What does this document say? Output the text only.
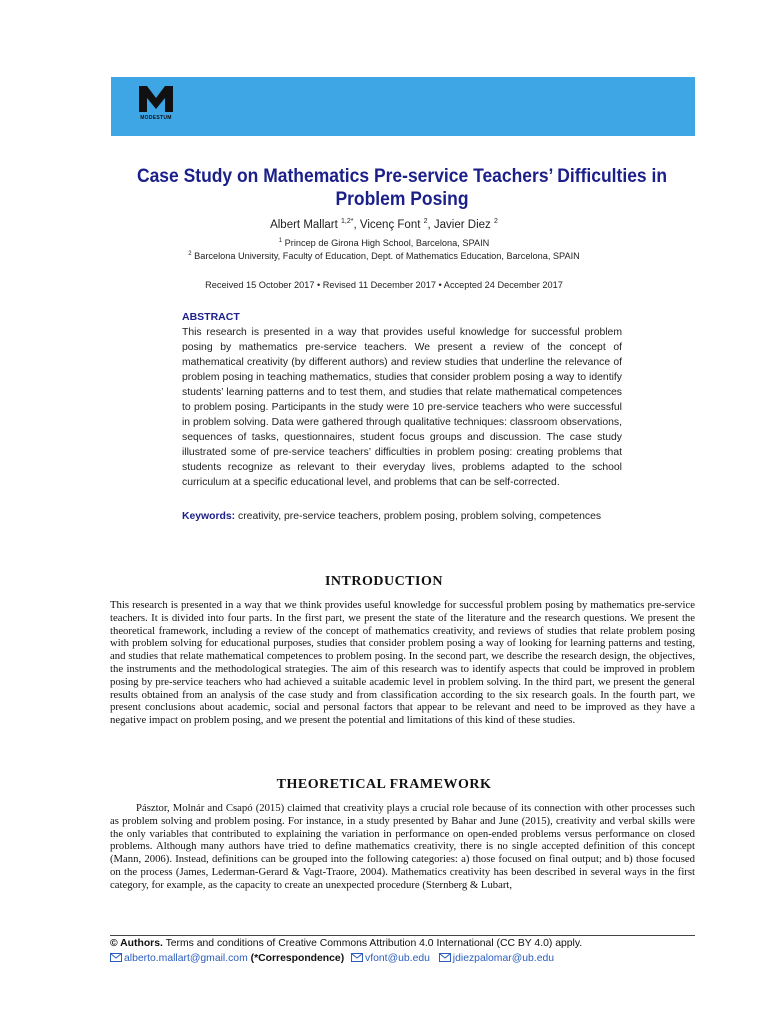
MODESTUM
Case Study on Mathematics Pre-service Teachers’ Difficulties in Problem Posing
Albert Mallart $^{1,2*}$, Vicenç Font $^2$, Javier Diez $^2$
$^1$ Princep de Girona High School, Barcelona, SPAIN
$^2$ Barcelona University, Faculty of Education, Dept. of Mathematics Education, Barcelona, SPAIN
Received 15 October 2017 • Revised 11 December 2017 • Accepted 24 December 2017
ABSTRACT

This research is presented in a way that provides useful knowledge for successful problem posing by mathematics pre-service teachers. We present a review of the concept of mathematical creativity (by different authors) and review studies that underline the relevance of problem posing in teaching mathematics, studies that consider problem posing a way to identify students’ learning patterns and to test them, and studies that relate mathematical competences to problem posing. Participants in the study were 10 pre-service teachers who were successful in problem solving. Data were gathered through qualitative techniques: classroom observations, sequences of tasks, questionnaires, student focus groups and discussion. The case study illustrated some of pre-service teachers’ difficulties in problem posing: creating problems that students recognize as relevant to their everyday lives, problems adapted to the school curriculum at a specific educational level, and problems that can be self-corrected.

Keywords: creativity, pre-service teachers, problem posing, problem solving, competences
INTRODUCTION

This research is presented in a way that we think provides useful knowledge for successful problem posing by mathematics pre-service teachers. It is divided into four parts. In the first part, we present the state of the literature and the research questions. We present the theoretical framework, including a review of the concept of mathematics creativity, and reviews of studies that relate problem posing with problem solving for educational purposes, studies that consider problem posing a way of looking for learning patterns and testing, and studies that relate mathematical competences to problem posing. In the second part, we describe the research design, the objectives, the instruments and the methodological strategies. The aim of this research was to identify aspects that could be improved in problem posing by pre-service teachers who had achieved a suitable academic level in problem solving. In the third part, we present the general results obtained from an analysis of the case study and from classification according to the six research goals. In the fourth part, we present conclusions about academic, social and personal factors that appear to be relevant and need to be improved as they have a negative impact on problem posing, and we present the potential and limitations of this kind of these studies.

THEORETICAL FRAMEWORK

Pásztor, Molnár and Csapó (2015) claimed that creativity plays a crucial role because of its connection with other processes such as problem solving and problem posing. For instance, in a study presented by Bahar and June (2015), creativity and verbal skills were the only variables that contributed to explaining the variation in performance on open-ended problems versus performance on closed problems. Although many authors have tried to define mathematics creativity, there is no single accepted definition of this concept (Mann, 2006). Instead, definitions can be grouped into the following categories: a) those focused on final output; and b) those focused on the process (James, Lederman-Gerard & Vagt-Traore, 2004). Mathematics creativity has been described in several ways in the first category, for example, as the capacity to create an unexpected procedure (Sternberg & Lubart,

© Authors. Terms and conditions of Creative Commons Attribution 4.0 International (CC BY 4.0) apply.
alberto.mallart@gmail.com (*Correspondence) vfont@ub.edu jdiezpalomar@ub.edu
